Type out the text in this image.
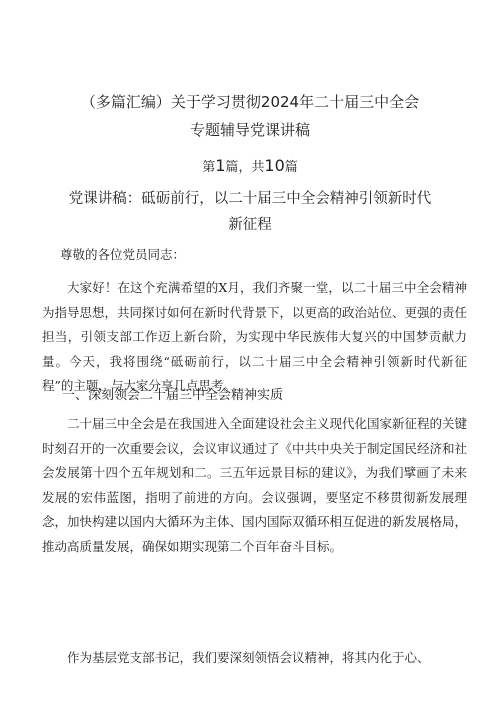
（多篇汇编）关于学习贯彻2024年二十届三中全会
专题辅导党课讲稿
第1篇，共10篇
党课讲稿：砥砺前行，以二十届三中全会精神引领新时代
新征程

尊敬的各位党员同志：

大家好！在这个充满希望的X月，我们齐聚一堂，以二十届三中全会精神为指导思想，共同探讨如何在新时代背景下，以更高的政治站位、更强的责任担当，引领支部工作迈上新台阶，为实现中华民族伟大复兴的中国梦贡献力量。今天，我将围绕“砥砺前行，以二十届三中全会精神引领新时代新征程”的主题，与大家分享几点思考。

一、深刻领会二十届三中全会精神实质

二十届三中全会是在我国进入全面建设社会主义现代化国家新征程的关键时刻召开的一次重要会议，会议审议通过了《中共中央关于制定国民经济和社会发展第十四个五年规划和二。三五年远景目标的建议》，为我们擘画了未来发展的宏伟蓝图，指明了前进的方向。会议强调，要坚定不移贯彻新发展理念，加快构建以国内大循环为主体、国内国际双循环相互促进的新发展格局，推动高质量发展，确保如期实现第二个百年奋斗目标。

作为基层党支部书记，我们要深刻领悟会议精神，将其内化于心、
